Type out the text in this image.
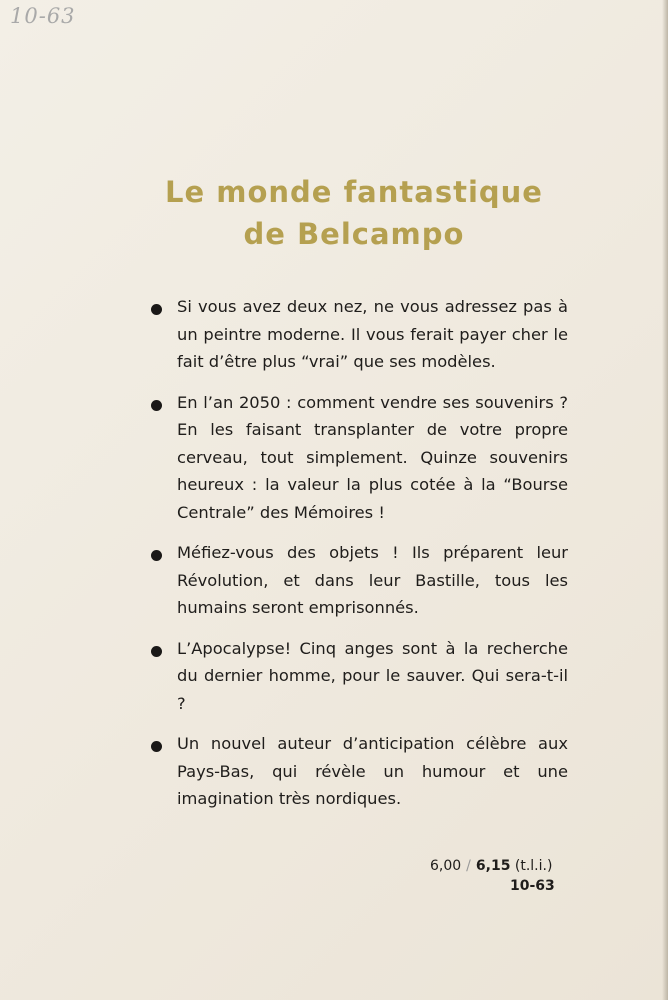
10-63
Le monde fantastique
de Belcampo
Si vous avez deux nez, ne vous adressez pas à un peintre moderne. Il vous ferait payer cher le fait d’être plus “vrai” que ses modèles.
En l’an 2050 : comment vendre ses souvenirs ? En les faisant transplanter de votre propre cerveau, tout simplement. Quinze souvenirs heureux : la valeur la plus cotée à la “Bourse Centrale” des Mémoires !
Méfiez-vous des objets ! Ils préparent leur Révolution, et dans leur Bastille, tous les humains seront emprisonnés.
L’Apocalypse! Cinq anges sont à la recherche du dernier homme, pour le sauver. Qui sera-t-il ?
Un nouvel auteur d’anticipation célèbre aux Pays-Bas, qui révèle un humour et une imagination très nordiques.
6,00 / 6,15 (t.l.i.)
10-63
